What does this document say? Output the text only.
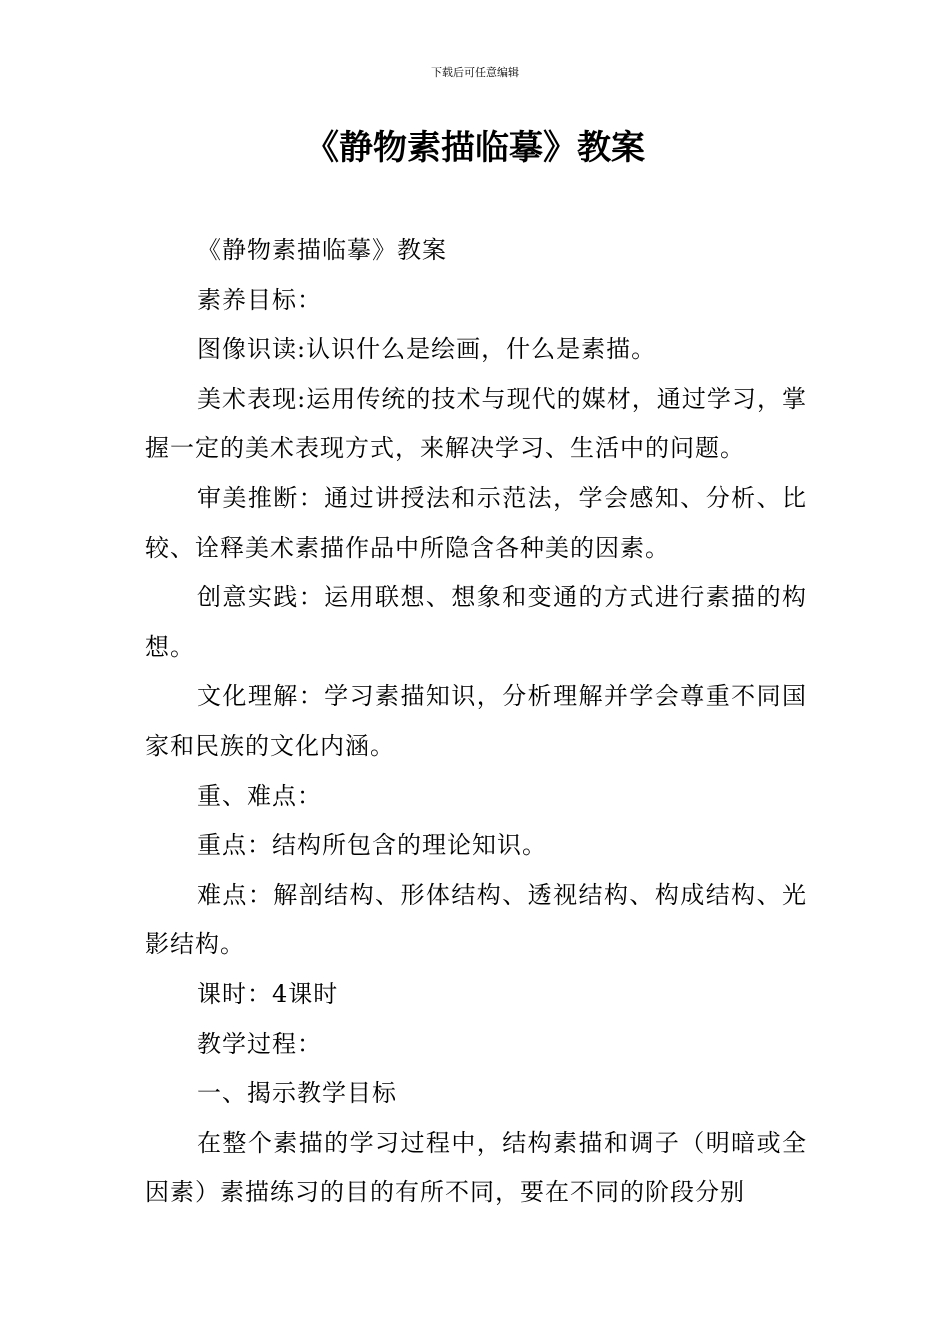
下载后可任意编辑
《静物素描临摹》教案

《静物素描临摹》教案

素养目标：

图像识读:认识什么是绘画，什么是素描。

美术表现:运用传统的技术与现代的媒材，通过学习，掌握一定的美术表现方式，来解决学习、生活中的问题。

审美推断：通过讲授法和示范法，学会感知、分析、比较、诠释美术素描作品中所隐含各种美的因素。

创意实践：运用联想、想象和变通的方式进行素描的构想。

文化理解：学习素描知识，分析理解并学会尊重不同国家和民族的文化内涵。

重、难点：

重点：结构所包含的理论知识。

难点：解剖结构、形体结构、透视结构、构成结构、光影结构。

课时：4课时

教学过程：

一、揭示教学目标

在整个素描的学习过程中，结构素描和调子（明暗或全因素）素描练习的目的有所不同，要在不同的阶段分别
